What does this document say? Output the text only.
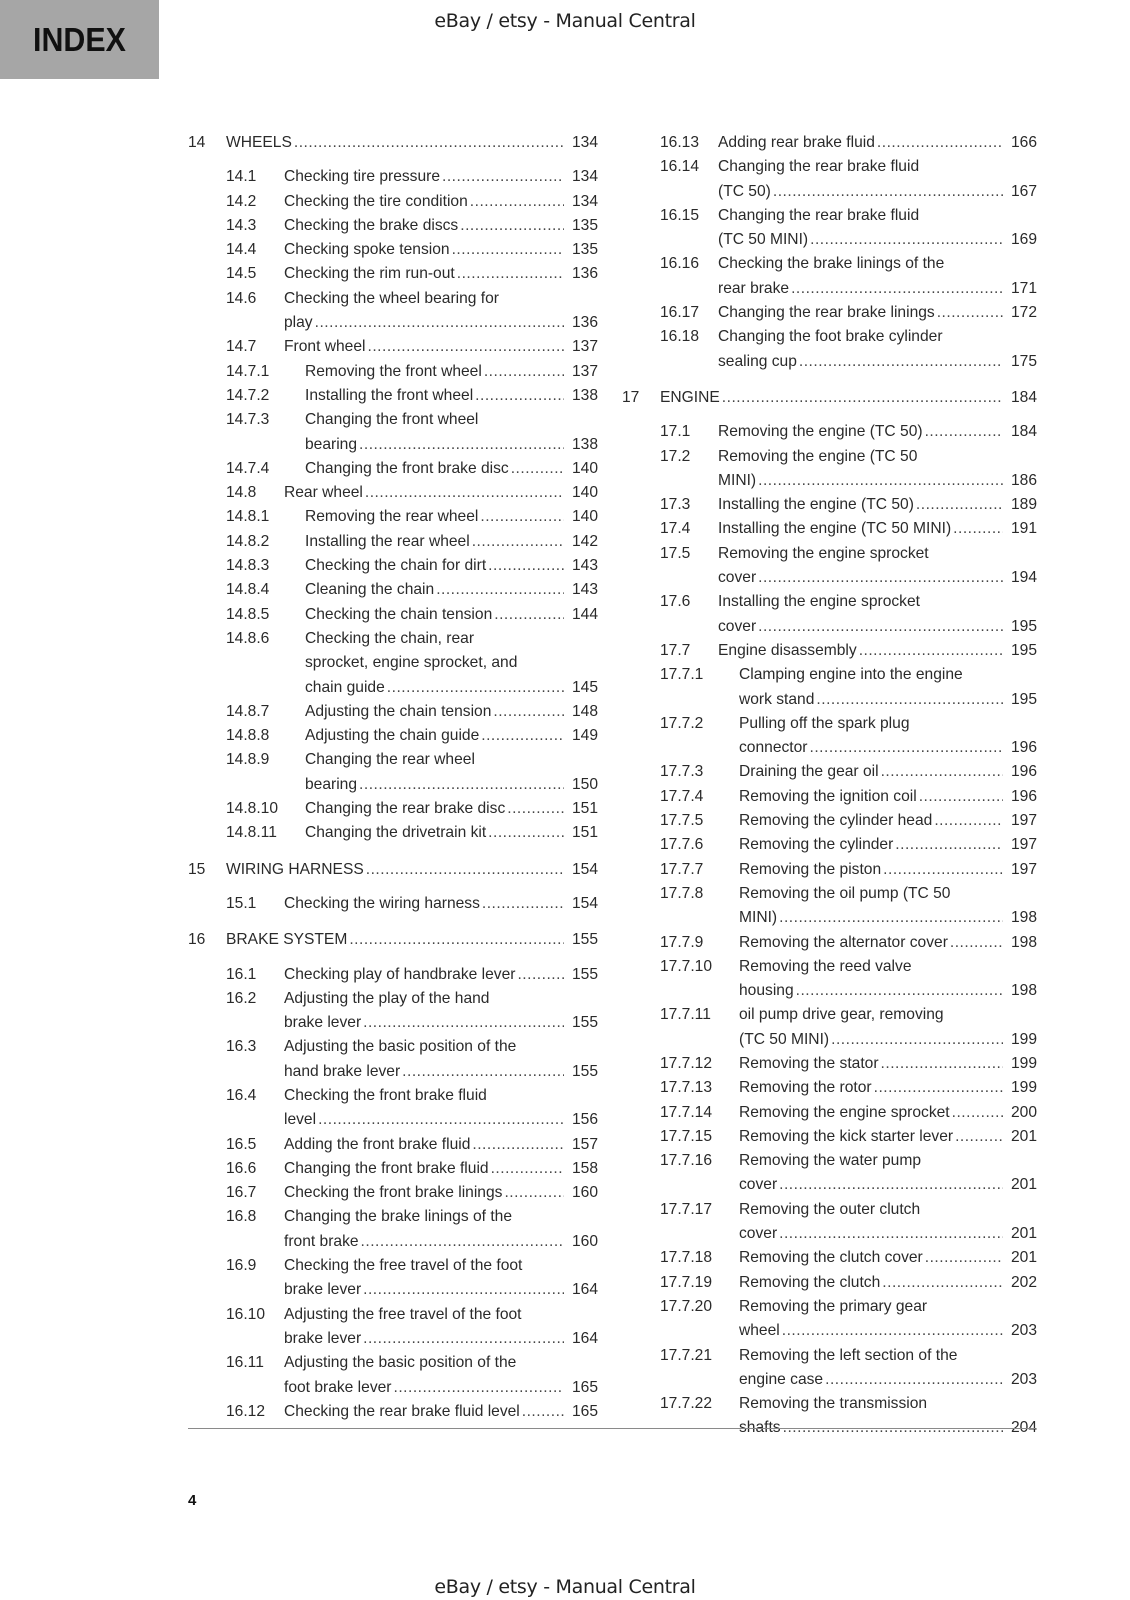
INDEX	eBay / etsy - Manual Central
14 WHEELS .....	134
14.1 Checking tire pressure .....	134
14.2 Checking the tire condition .....	134
14.3 Checking the brake discs .....	135
14.4 Checking spoke tension .....	135
14.5 Checking the rim run-out .....	136
14.6 Checking the wheel bearing for
play .....	136
14.7 Front wheel .....	137
14.7.1 Removing the front wheel .....	137
14.7.2 Installing the front wheel .....	138
14.7.3 Changing the front wheel
bearing .....	138
14.7.4 Changing the front brake disc .....	140
14.8 Rear wheel .....	140
14.8.1 Removing the rear wheel .....	140
14.8.2 Installing the rear wheel .....	142
14.8.3 Checking the chain for dirt .....	143
14.8.4 Cleaning the chain .....	143
14.8.5 Checking the chain tension .....	144
14.8.6 Checking the chain, rear
sprocket, engine sprocket, and
chain guide .....	145
14.8.7 Adjusting the chain tension .....	148
14.8.8 Adjusting the chain guide .....	149
14.8.9 Changing the rear wheel
bearing .....	150
14.8.10 Changing the rear brake disc .....	151
14.8.11 Changing the drivetrain kit .....	151
15 WIRING HARNESS .....	154
15.1 Checking the wiring harness .....	154
16 BRAKE SYSTEM .....	155
16.1 Checking play of handbrake lever .....	155
16.2 Adjusting the play of the hand
brake lever .....	155
16.3 Adjusting the basic position of the
hand brake lever .....	155
16.4 Checking the front brake fluid
level .....	156
16.5 Adding the front brake fluid .....	157
16.6 Changing the front brake fluid .....	158
16.7 Checking the front brake linings .....	160
16.8 Changing the brake linings of the
front brake .....	160
16.9 Checking the free travel of the foot
brake lever .....	164
16.10 Adjusting the free travel of the foot
brake lever .....	164
16.11 Adjusting the basic position of the
foot brake lever .....	165
16.12 Checking the rear brake fluid level .....	165
16.13 Adding rear brake fluid .....	166
16.14 Changing the rear brake fluid
(TC 50) .....	167
16.15 Changing the rear brake fluid
(TC 50 MINI) .....	169
16.16 Checking the brake linings of the
rear brake .....	171
16.17 Changing the rear brake linings .....	172
16.18 Changing the foot brake cylinder
sealing cup .....	175
17 ENGINE .....	184
17.1 Removing the engine (TC 50) .....	184
17.2 Removing the engine (TC 50
MINI) .....	186
17.3 Installing the engine (TC 50) .....	189
17.4 Installing the engine (TC 50 MINI) .....	191
17.5 Removing the engine sprocket
cover .....	194
17.6 Installing the engine sprocket
cover .....	195
17.7 Engine disassembly .....	195
17.7.1 Clamping engine into the engine
work stand .....	195
17.7.2 Pulling off the spark plug
connector .....	196
17.7.3 Draining the gear oil .....	196
17.7.4 Removing the ignition coil .....	196
17.7.5 Removing the cylinder head .....	197
17.7.6 Removing the cylinder .....	197
17.7.7 Removing the piston .....	197
17.7.8 Removing the oil pump (TC 50
MINI) .....	198
17.7.9 Removing the alternator cover .....	198
17.7.10 Removing the reed valve
housing .....	198
17.7.11 oil pump drive gear, removing
(TC 50 MINI) .....	199
17.7.12 Removing the stator .....	199
17.7.13 Removing the rotor .....	199
17.7.14 Removing the engine sprocket .....	200
17.7.15 Removing the kick starter lever .....	201
17.7.16 Removing the water pump
cover .....	201
17.7.17 Removing the outer clutch
cover .....	201
17.7.18 Removing the clutch cover .....	201
17.7.19 Removing the clutch .....	202
17.7.20 Removing the primary gear
wheel .....	203
17.7.21 Removing the left section of the
engine case .....	203
17.7.22 Removing the transmission
shafts .....	204
4
eBay / etsy - Manual Central
